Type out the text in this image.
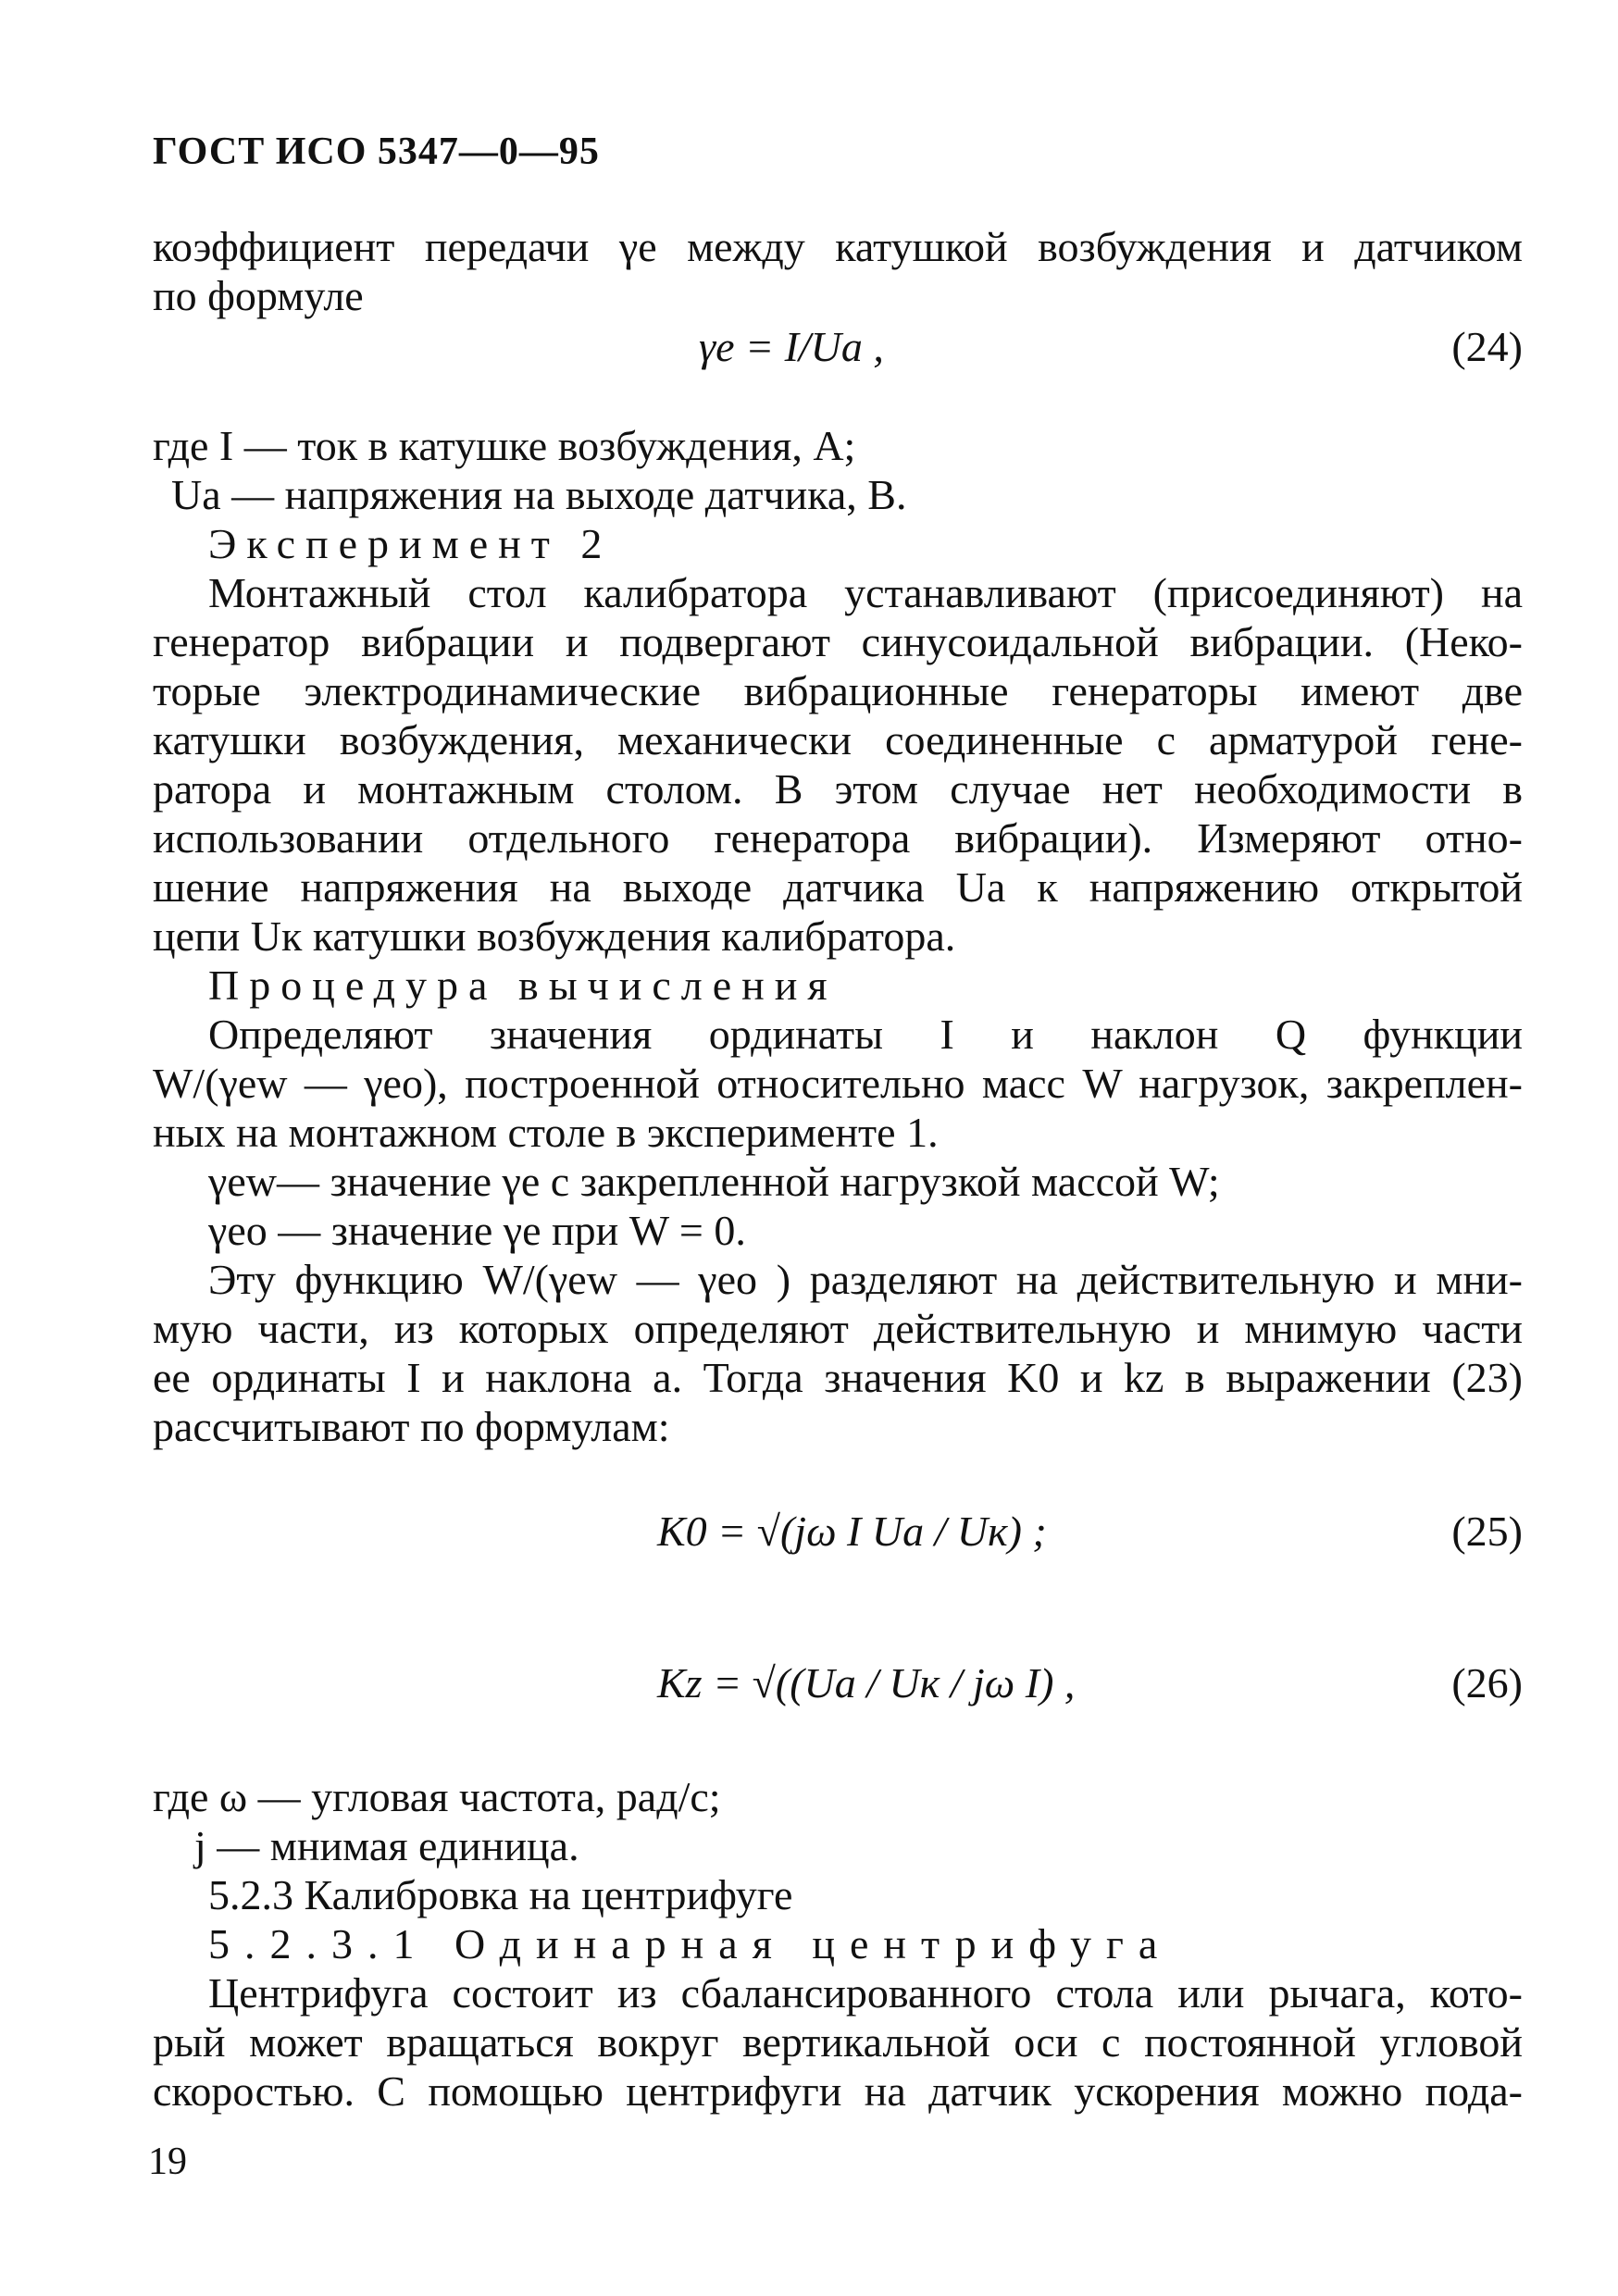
ГОСТ ИСО 5347—0—95
коэффициент передачи γe между катушкой возбуждения и датчиком
по формуле
γe = I/Ua ,	(24)
где I — ток в катушке возбуждения, А;
Ua — напряжения на выходе датчика, В.
Эксперимент 2
Монтажный стол калибратора устанавливают (присоединяют) на
генератор вибрации и подвергают синусоидальной вибрации. (Неко-
торые электродинамические вибрационные генераторы имеют две
катушки возбуждения, механически соединенные с арматурой гене-
ратора и монтажным столом. В этом случае нет необходимости в
использовании отдельного генератора вибрации). Измеряют отно-
шение напряжения на выходе датчика Ua к напряжению открытой
цепи Uк катушки возбуждения калибратора.
Процедура вычисления
Определяют значения ординаты I и наклон Q функции
W/(γew — γeo), построенной относительно масс W нагрузок, закреплен-
ных на монтажном столе в эксперименте 1.
γew— значение γe с закрепленной нагрузкой массой W;
γeo — значение γe при W = 0.
Эту функцию W/(γew — γeo ) разделяют на действительную и мни-
мую части, из которых определяют действительную и мнимую части
ее ординаты I и наклона a. Тогда значения K0 и kz в выражении (23)
рассчитывают по формулам:
K0 = √(jω I Ua / Uк) ;	(25)
Kz = √((Ua / Uк / jω I) ,	(26)
где ω — угловая частота, рад/с;
j — мнимая единица.
5.2.3 Калибровка на центрифуге
5.2.3.1 Одинарная центрифуга
Центрифуга состоит из сбалансированного стола или рычага, кото-
рый может вращаться вокруг вертикальной оси с постоянной угловой
скоростью. С помощью центрифуги на датчик ускорения можно пода-
19
